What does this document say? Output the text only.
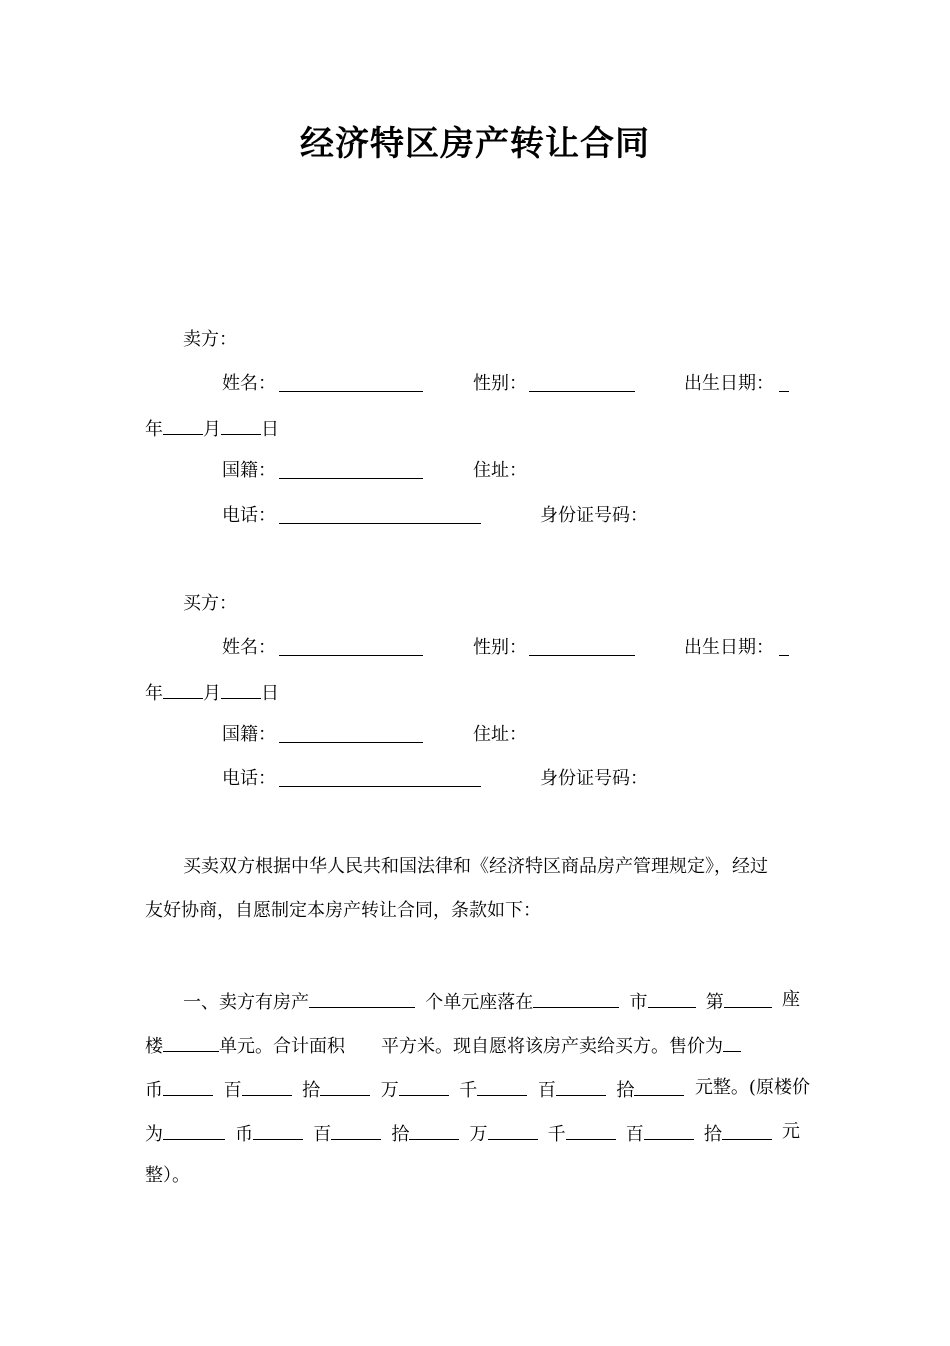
经济特区房产转让合同
卖方：
姓名：	性别：	出生日期：
年 月 日
国籍：	住址：
电话：	身份证号码：
买方：
姓名：	性别：	出生日期：
年 月 日
国籍：	住址：
电话：	身份证号码：
买卖双方根据中华人民共和国法律和《经济特区商品房产管理规定》，经过
友好协商，自愿制定本房产转让合同，条款如下：
一、卖方有房产	个单元座落在	市	第	座
楼	单元。合计面积 平方米。现自愿将该房产卖给买方。售价为
币	百	拾	万	千	百	拾	元整。(原楼价
为	币	百	拾	万	千	百	拾	元
整）。
